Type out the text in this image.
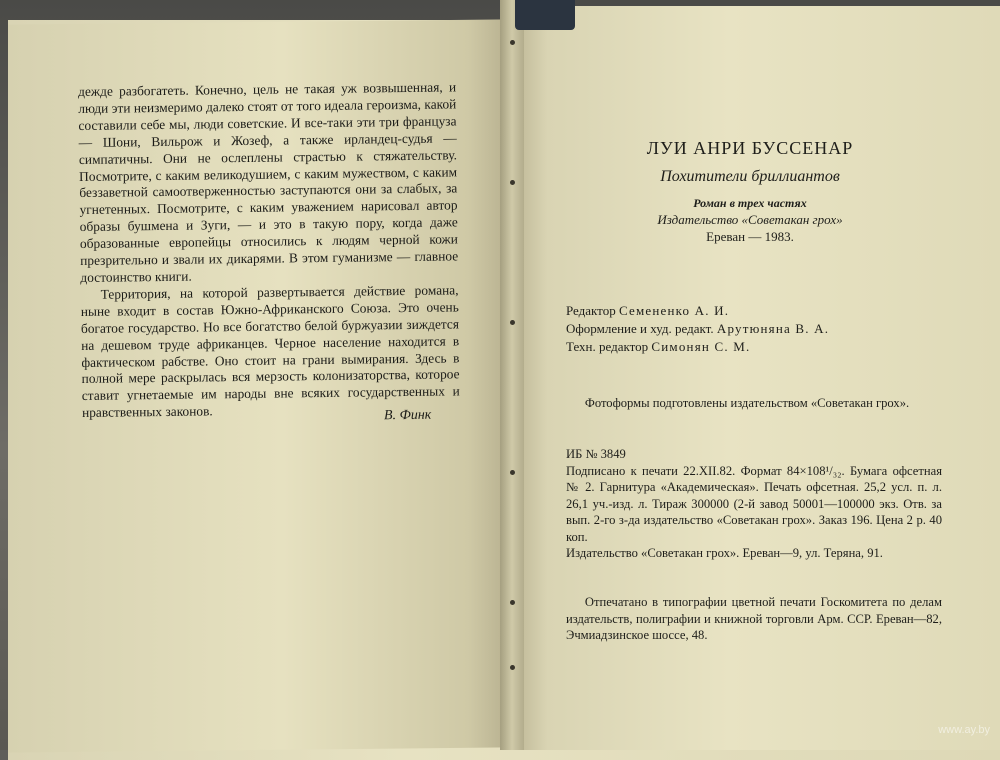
дежде разбогатеть. Конечно, цель не такая уж возвышенная, и люди эти неизмеримо далеко стоят от того идеала героизма, какой составили себе мы, люди советские. И все-таки эти три француза — Шони, Вильрож и Жозеф, а также ирландец-судья — симпатичны. Они не ослеплены страстью к стяжательству. Посмотрите, с каким великодушием, с каким мужеством, с каким беззаветной самоотверженностью заступаются они за слабых, за угнетенных. Посмотрите, с каким уважением нарисовал автор образы бушмена и Зуги, — и это в такую пору, когда даже образованные европейцы относились к людям черной кожи презрительно и звали их дикарями. В этом гуманизме — главное достоинство книги.

Территория, на которой развертывается действие романа, ныне входит в состав Южно-Африканского Союза. Это очень богатое государство. Но все богатство белой буржуазии зиждется на дешевом труде африканцев. Черное население находится в фактическом рабстве. Оно стоит на грани вымирания. Здесь в полной мере раскрылась вся мерзость колонизаторства, которое ставит угнетаемые им народы вне всяких государственных и нравственных законов.	В. Финк
ЛУИ АНРИ БУССЕНАР
Похитители бриллиантов
Роман в трех частях
Издательство «Советакан грох»
Ереван — 1983.
Редактор Семененко А. И.
Оформление и худ. редакт. Арутюняна В. А.
Техн. редактор Симонян С. М.
Фотоформы подготовлены издательством «Советакан грох».
ИБ № 3849
Подписано к печати 22.XII.82. Формат 84×108¹/₃₂. Бумага офсетная № 2. Гарнитура «Академическая». Печать офсетная. 25,2 усл. п. л. 26,1 уч.-изд. л. Тираж 300000 (2-й завод 50001—100000 экз. Отв. за вып. 2-го з-да издательство «Советакан грох». Заказ 196. Цена 2 р. 40 коп.
Издательство «Советакан грох». Ереван—9, ул. Теряна, 91.
Отпечатано в типографии цветной печати Госкомитета по делам издательств, полиграфии и книжной торговли Арм. ССР. Ереван—82, Эчмиадзинское шоссе, 48.
www.ay.by
